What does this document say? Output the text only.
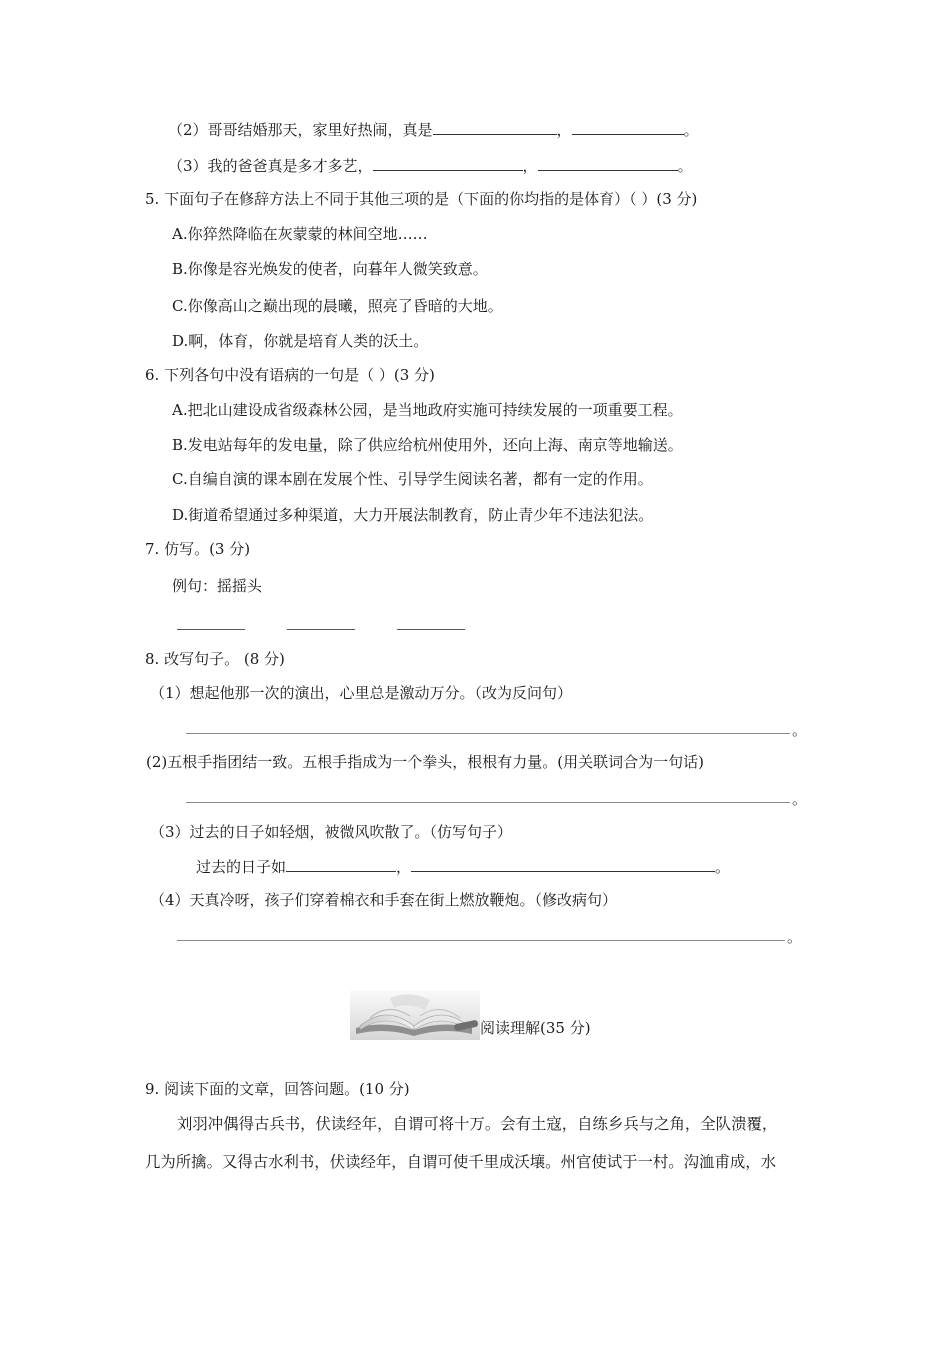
（2）哥哥结婚那天，家里好热闹，真是	，	。
（3）我的爸爸真是多才多艺，	，	。
5. 下面句子在修辞方法上不同于其他三项的是（下面的你均指的是体育）（ ）(3 分)
A.你猝然降临在灰蒙蒙的林间空地……
B.你像是容光焕发的使者，向暮年人微笑致意。
C.你像高山之巅出现的晨曦，照亮了昏暗的大地。
D.啊，体育，你就是培育人类的沃土。
6. 下列各句中没有语病的一句是（ ）(3 分)
A.把北山建设成省级森林公园，是当地政府实施可持续发展的一项重要工程。
B.发电站每年的发电量，除了供应给杭州使用外，还向上海、南京等地输送。
C.自编自演的课本剧在发展个性、引导学生阅读名著，都有一定的作用。
D.街道希望通过多种渠道，大力开展法制教育，防止青少年不违法犯法。
7. 仿写。(3 分)
例句：摇摇头
8. 改写句子。 (8 分)
（1）想起他那一次的演出，心里总是激动万分。（改为反问句）
。
(2)五根手指团结一致。五根手指成为一个拳头，根根有力量。(用关联词合为一句话)
。
（3）过去的日子如轻烟，被微风吹散了。（仿写句子）
过去的日子如	，	。
（4）天真冷呀，孩子们穿着棉衣和手套在街上燃放鞭炮。（修改病句）
。
阅读理解(35 分)
9. 阅读下面的文章，回答问题。(10 分)
刘羽冲偶得古兵书，伏读经年，自谓可将十万。会有土寇，自练乡兵与之角，全队溃覆，
几为所擒。又得古水利书，伏读经年，自谓可使千里成沃壤。州官使试于一村。沟洫甫成，水
